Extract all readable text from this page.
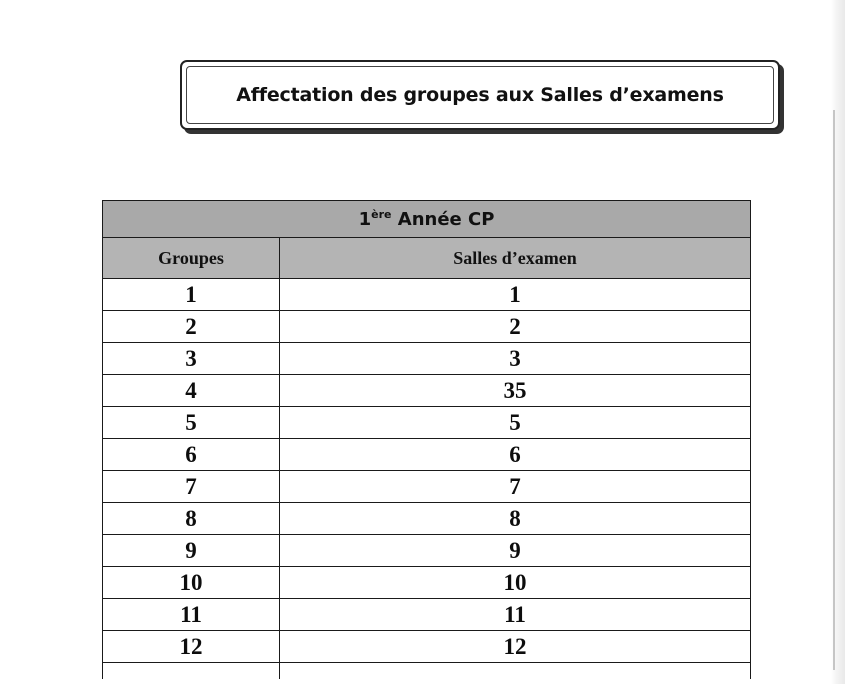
Affectation des groupes aux Salles d’examens
1ère Année CP	
Groupes	Salles d’examen
1	1
2	2
3	3
4	35
5	5
6	6
7	7
8	8
9	9
10	10
11	11
12	12
